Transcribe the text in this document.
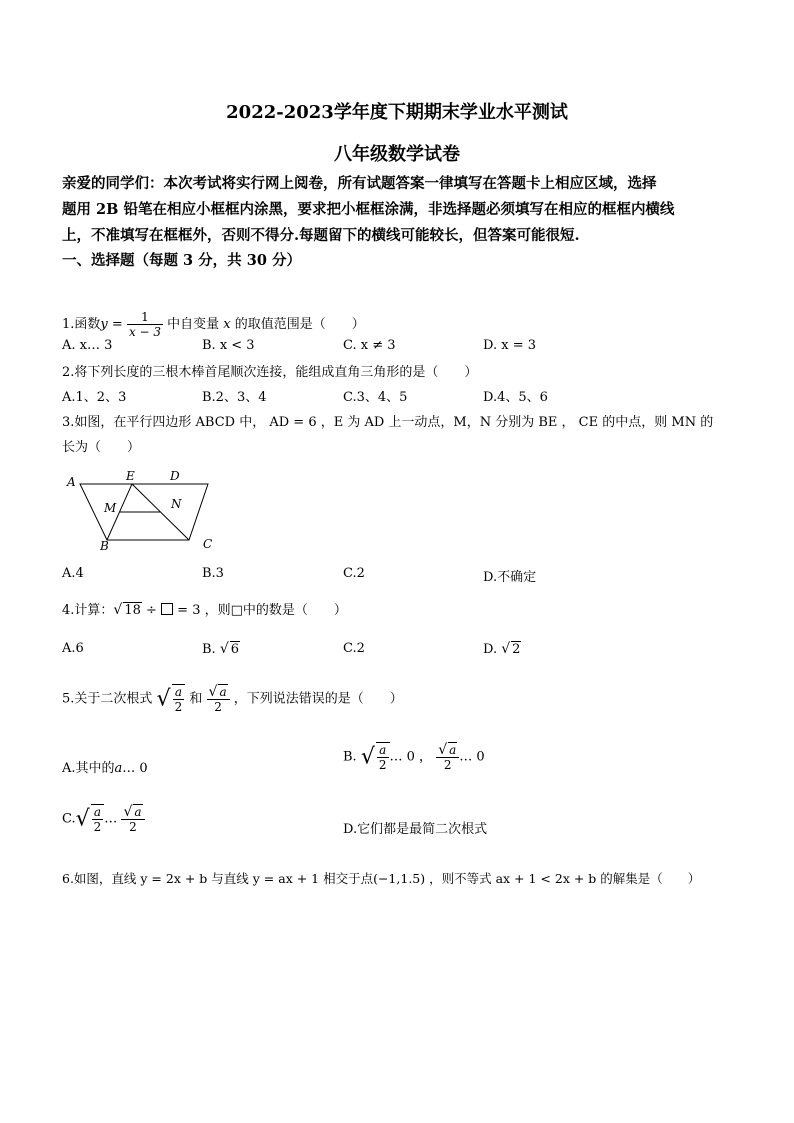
2022-2023学年度下期期末学业水平测试
八年级数学试卷
亲爱的同学们：本次考试将实行网上阅卷，所有试题答案一律填写在答题卡上相应区域，选择
题用 2B 铅笔在相应小框框内涂黑，要求把小框框涂满，非选择题必须填写在相应的框框内横线
上，不准填写在框框外，否则不得分.每题留下的横线可能较长，但答案可能很短.
一、选择题（每题 3 分，共 30 分）
1.函数$y = \frac{1}{x - 3}$ 中自变量 x 的取值范围是（　　）
A. x… 3	B. x < 3	C. x ≠ 3	D. x = 3
2.将下列长度的三根木棒首尾顺次连接，能组成直角三角形的是（　　）
A.1、2、3	B.2、3、4	C.3、4、5	D.4、5、6
3.如图，在平行四边形 ABCD 中， AD = 6 ，E 为 AD 上一动点，M，N 分别为 BE ， CE 的中点，则 MN 的
长为（　　）
A	E	D
M	N
B	C
A.4	B.3	C.2	D.不确定
4.计算：√ 18 ÷  = 3 ，则□中的数是（　　）
A.6	B. √ 6	C.2	D. √ 2
5.关于二次根式 √ $\frac{a}{2}$ 和 $\frac{√ a}{2}$ ，下列说法错误的是（　　）
A.其中的a… 0
B. √ $\frac{a}{2}$ … 0 ， $\frac{√ a}{2}$ … 0
$C.√ \frac{a}{2}$ … $\frac{√ a}{2}$	D.它们都是最简二次根式
6.如图，直线 y = 2x + b 与直线 y = ax + 1 相交于点(−1,1.5) ，则不等式 ax + 1 < 2x + b 的解集是（　　）
